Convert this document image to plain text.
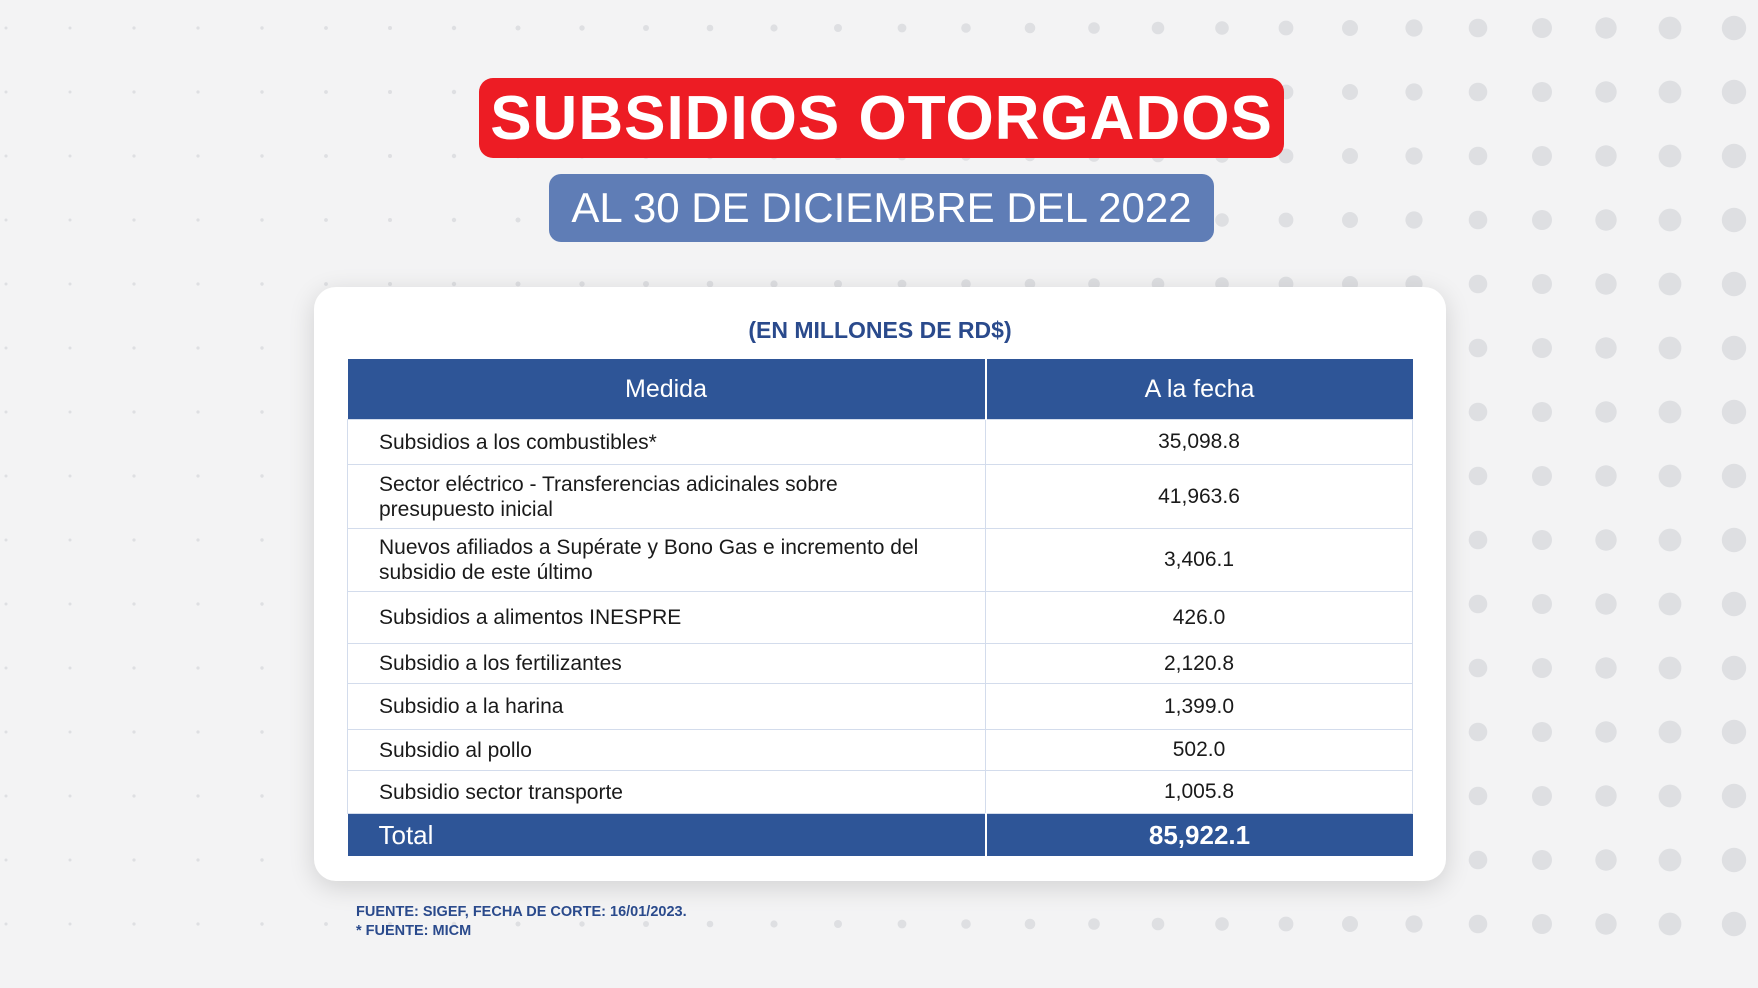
SUBSIDIOS OTORGADOS
AL 30 DE DICIEMBRE DEL 2022
(EN MILLONES DE RD$)
Medida	A la fecha
Subsidios a los combustibles*	35,098.8

Sector eléctrico - Transferencias adicinales sobre presupuesto inicial	41,963.6

Nuevos afiliados a Supérate y Bono Gas e incremento del subsidio de este último	3,406.1
Subsidios a alimentos INESPRE	426.0
Subsidio a los fertilizantes	2,120.8
Subsidio a la harina	1,399.0
Subsidio al pollo	502.0
Subsidio sector transporte	1,005.8
Total	85,922.1
FUENTE: SIGEF, FECHA DE CORTE: 16/01/2023.
* FUENTE: MICM
